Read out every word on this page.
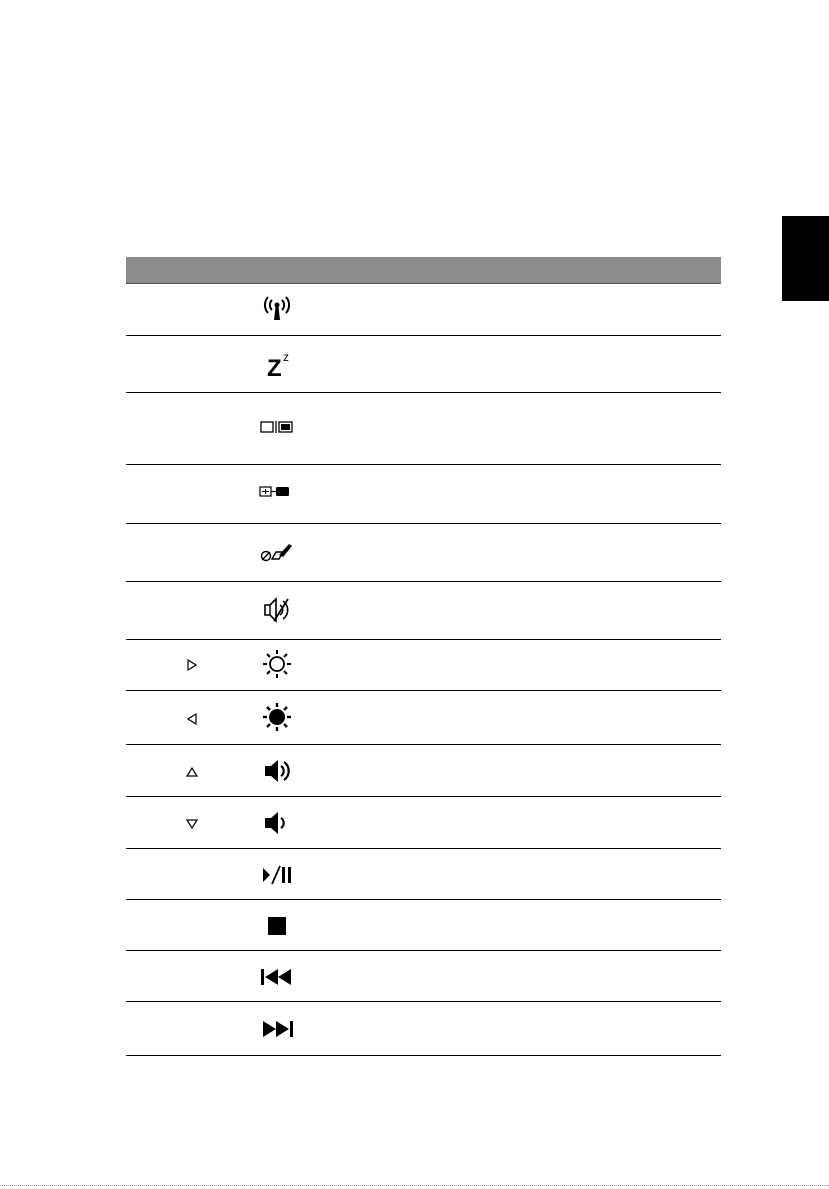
Z z
